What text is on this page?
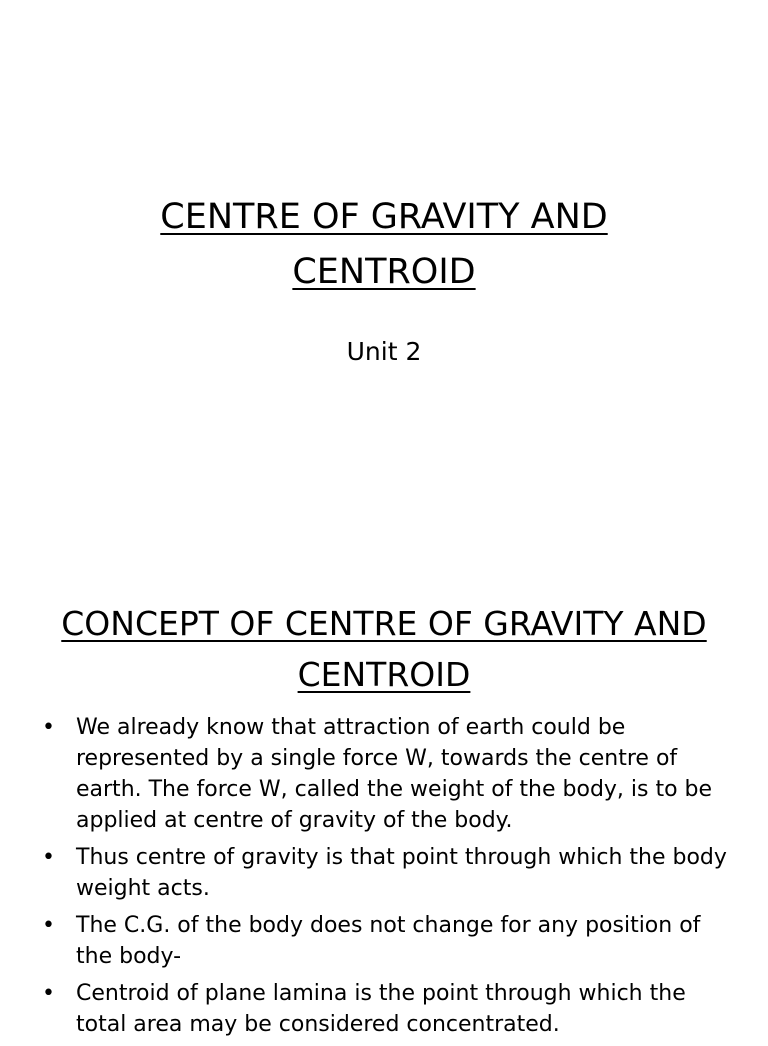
CENTRE OF GRAVITY AND
CENTROID

Unit 2

CONCEPT OF CENTRE OF GRAVITY AND
CENTROID
• We already know that attraction of earth could be represented by a single force W, towards the centre of earth. The force W, called the weight of the body, is to be applied at centre of gravity of the body.
• Thus centre of gravity is that point through which the body weight acts.
• The C.G. of the body does not change for any position of the body-
• Centroid of plane lamina is the point through which the total area may be considered concentrated.
